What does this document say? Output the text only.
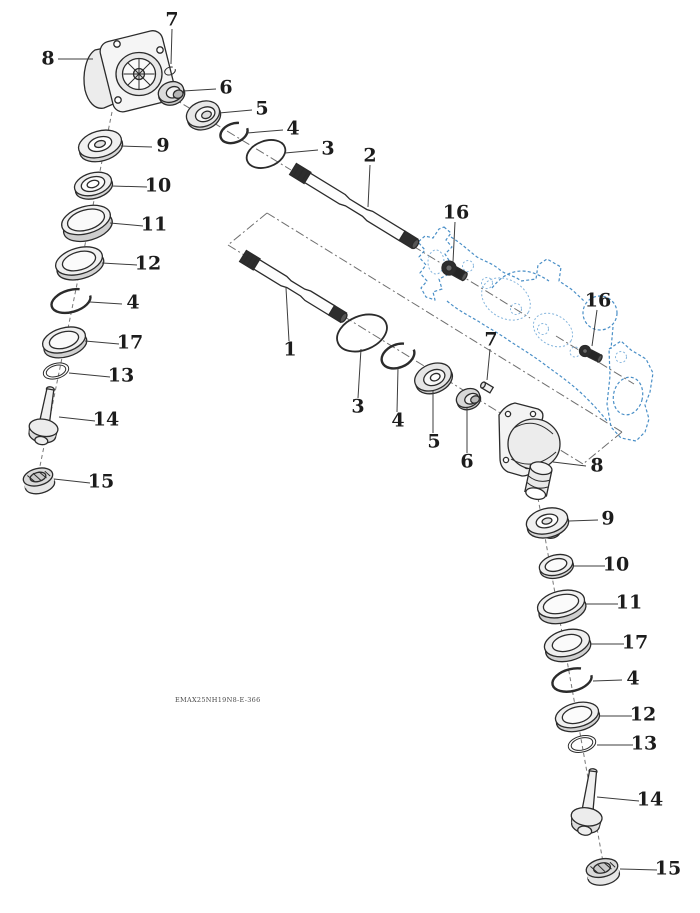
7
8
6
5
4
3 2
9
10
11
12
4
17
13
14
15
16
16
7
1
3
4
5
6	8
9
10
11
17
4
12
13
14
15
EMAX25NH19N8-E-366
